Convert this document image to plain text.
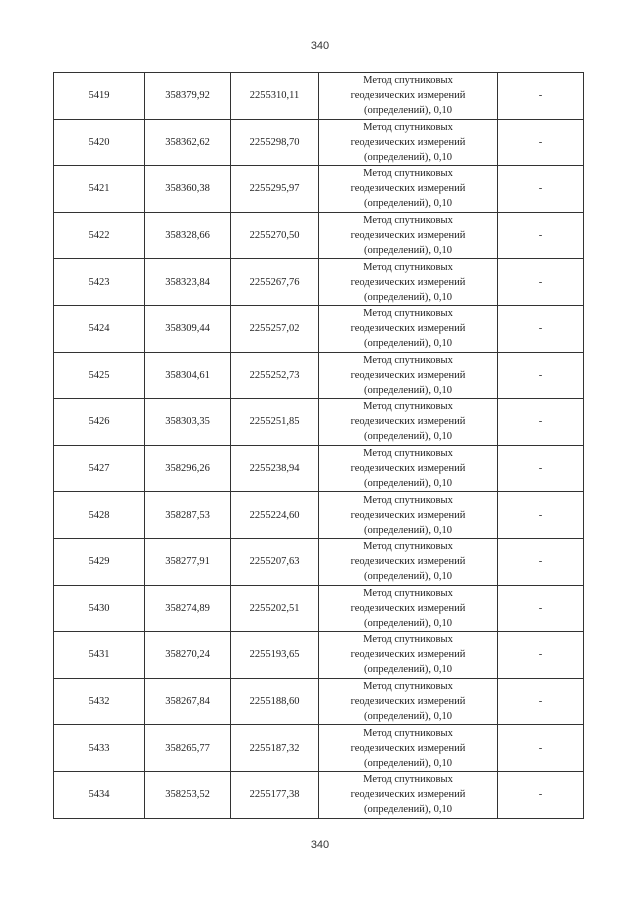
340
5419	358379,92	2255310,11	Метод спутниковых
геодезических измерений
(определений), 0,10	-
5420	358362,62	2255298,70	Метод спутниковых
геодезических измерений
(определений), 0,10	-
5421	358360,38	2255295,97	Метод спутниковых
геодезических измерений
(определений), 0,10	-
5422	358328,66	2255270,50	Метод спутниковых
геодезических измерений
(определений), 0,10	-
5423	358323,84	2255267,76	Метод спутниковых
геодезических измерений
(определений), 0,10	-
5424	358309,44	2255257,02	Метод спутниковых
геодезических измерений
(определений), 0,10	-
5425	358304,61	2255252,73	Метод спутниковых
геодезических измерений
(определений), 0,10	-
5426	358303,35	2255251,85	Метод спутниковых
геодезических измерений
(определений), 0,10	-
5427	358296,26	2255238,94	Метод спутниковых
геодезических измерений
(определений), 0,10	-
5428	358287,53	2255224,60	Метод спутниковых
геодезических измерений
(определений), 0,10	-
5429	358277,91	2255207,63	Метод спутниковых
геодезических измерений
(определений), 0,10	-
5430	358274,89	2255202,51	Метод спутниковых
геодезических измерений
(определений), 0,10	-
5431	358270,24	2255193,65	Метод спутниковых
геодезических измерений
(определений), 0,10	-
5432	358267,84	2255188,60	Метод спутниковых
геодезических измерений
(определений), 0,10	-
5433	358265,77	2255187,32	Метод спутниковых
геодезических измерений
(определений), 0,10	-
5434	358253,52	2255177,38	Метод спутниковых
геодезических измерений
(определений), 0,10	-
340
